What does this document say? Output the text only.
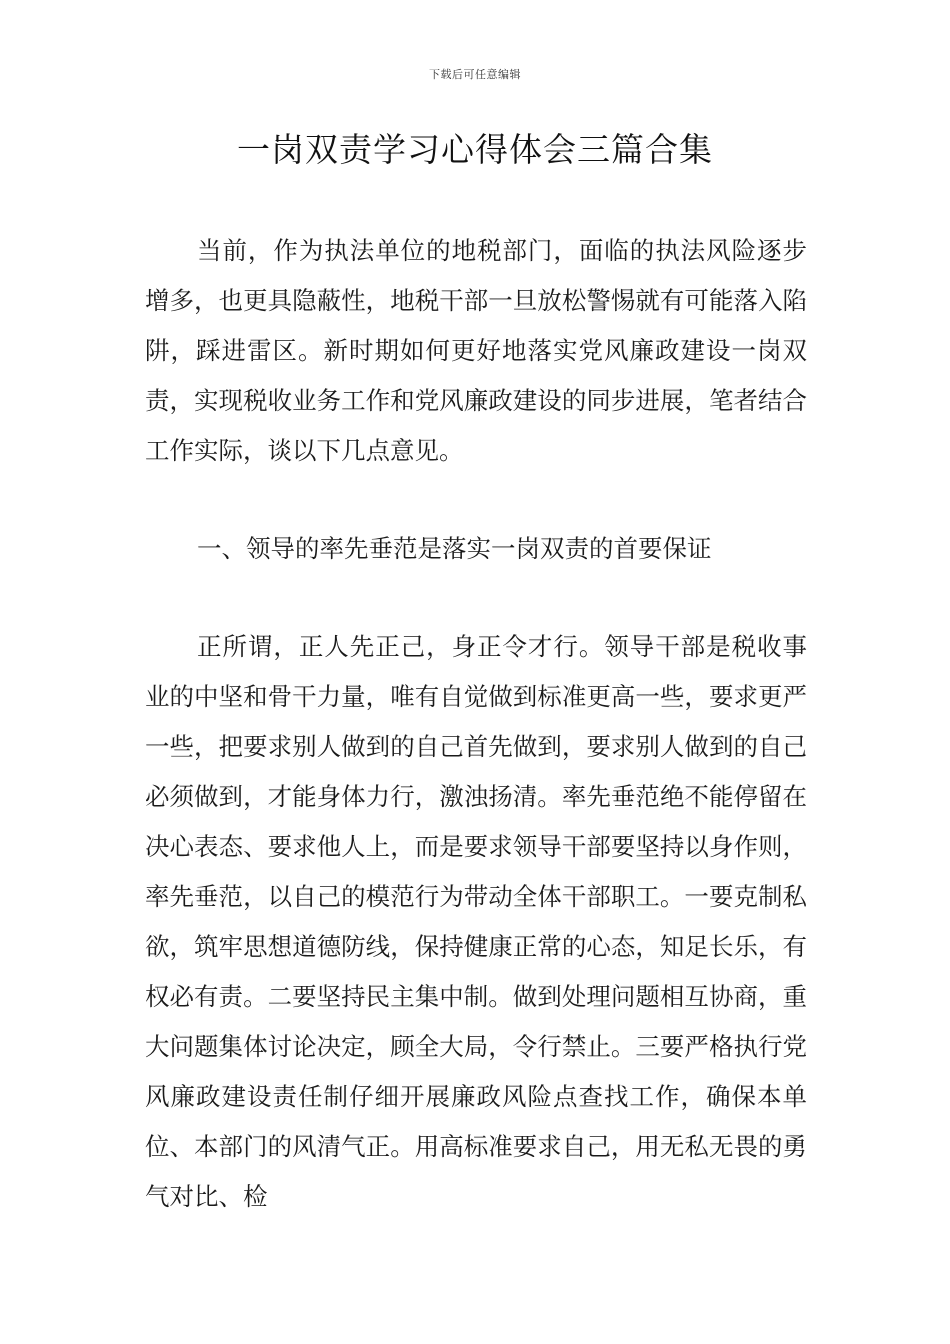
下载后可任意编辑
一岗双责学习心得体会三篇合集

当前，作为执法单位的地税部门，面临的执法风险逐步增多，也更具隐蔽性，地税干部一旦放松警惕就有可能落入陷阱，踩进雷区。新时期如何更好地落实党风廉政建设一岗双责，实现税收业务工作和党风廉政建设的同步进展，笔者结合工作实际，谈以下几点意见。

一、领导的率先垂范是落实一岗双责的首要保证

正所谓，正人先正己，身正令才行。领导干部是税收事业的中坚和骨干力量，唯有自觉做到标准更高一些，要求更严一些，把要求别人做到的自己首先做到，要求别人做到的自己必须做到，才能身体力行，激浊扬清。率先垂范绝不能停留在决心表态、要求他人上，而是要求领导干部要坚持以身作则，率先垂范，以自己的模范行为带动全体干部职工。一要克制私欲，筑牢思想道德防线，保持健康正常的心态，知足长乐，有权必有责。二要坚持民主集中制。做到处理问题相互协商，重大问题集体讨论决定，顾全大局，令行禁止。三要严格执行党风廉政建设责任制仔细开展廉政风险点查找工作，确保本单位、本部门的风清气正。用高标准要求自己，用无私无畏的勇气对比、检
